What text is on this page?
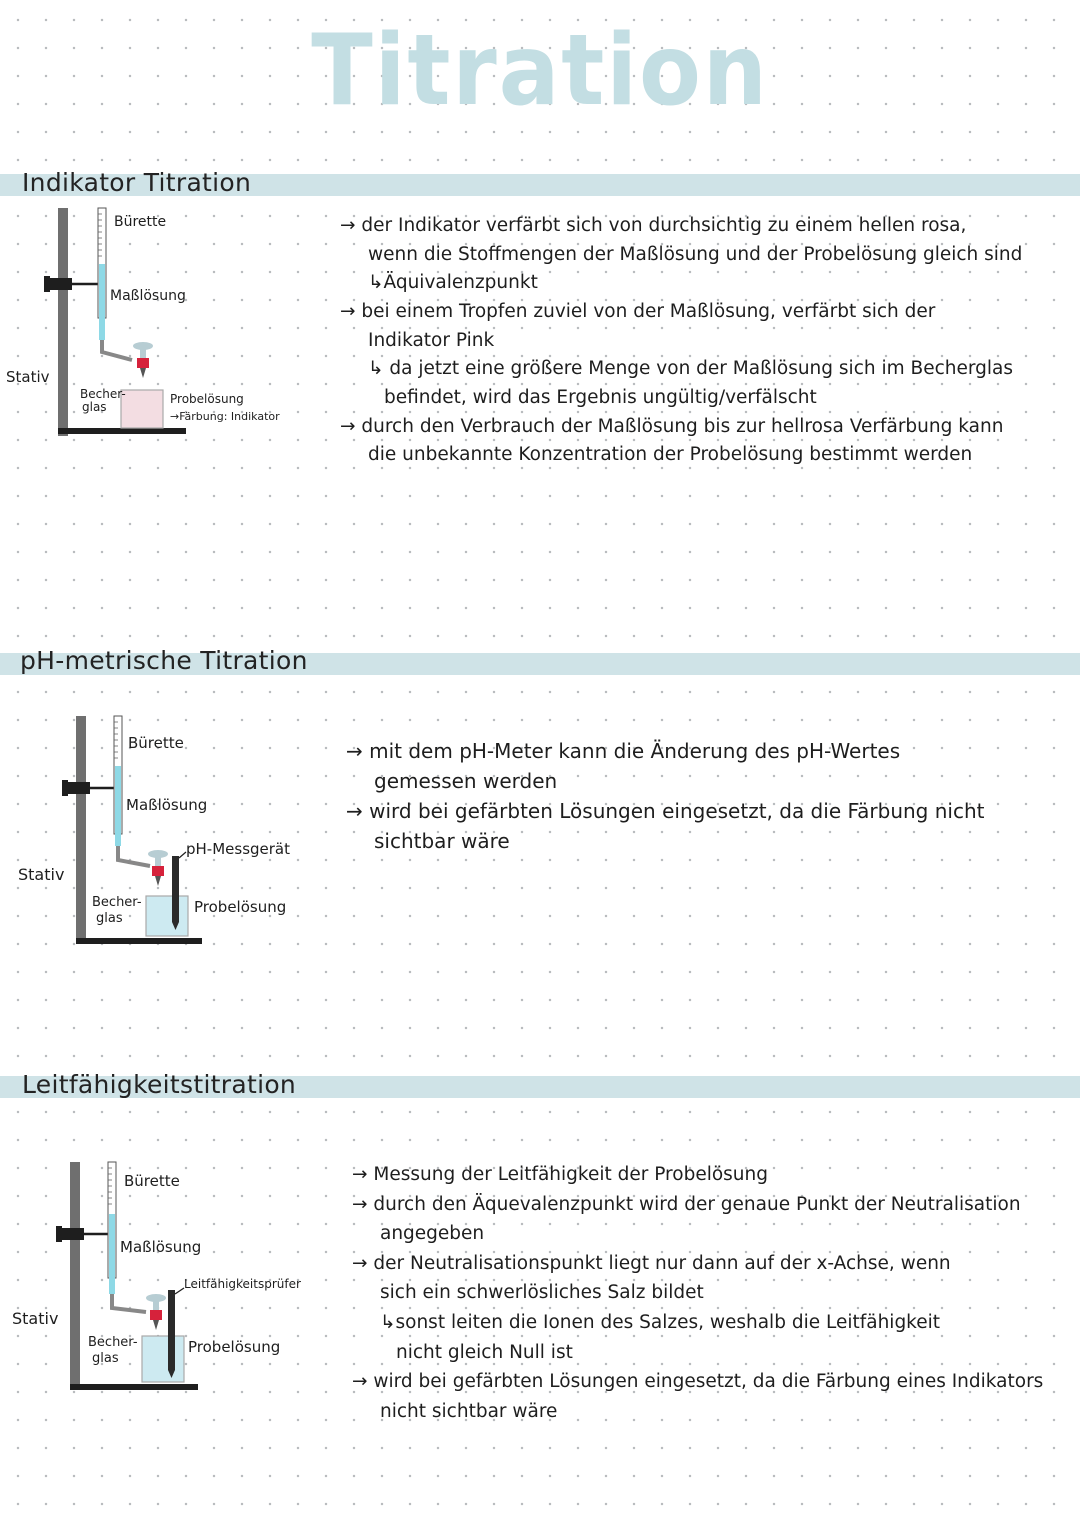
Titration
Indikator Titration
Bürette
Maßlösung
Stativ
Becher-
glas
Probelösung
→Färbung: Indikator
→ der Indikator verfärbt sich von durchsichtig zu einem hellen rosa,
wenn die Stoffmengen der Maßlösung und der Probelösung gleich sind
↳Äquivalenzpunkt
→ bei einem Tropfen zuviel von der Maßlösung, verfärbt sich der
Indikator Pink
↳ da jetzt eine größere Menge von der Maßlösung sich im Becherglas
befindet, wird das Ergebnis ungültig/verfälscht
→ durch den Verbrauch der Maßlösung bis zur hellrosa Verfärbung kann
die unbekannte Konzentration der Probelösung bestimmt werden
pH-metrische Titration
Bürette
Maßlösung
pH-Messgerät
Stativ
Becher-
glas
Probelösung
→ mit dem pH-Meter kann die Änderung des pH-Wertes
gemessen werden
→ wird bei gefärbten Lösungen eingesetzt, da die Färbung nicht
sichtbar wäre
Leitfähigkeitstitration
Bürette
Maßlösung
Leitfähigkeitsprüfer
Stativ
Becher-
glas
Probelösung
→ Messung der Leitfähigkeit der Probelösung
→ durch den Äquevalenzpunkt wird der genaue Punkt der Neutralisation
angegeben
→ der Neutralisationspunkt liegt nur dann auf der x-Achse, wenn
sich ein schwerlösliches Salz bildet
↳sonst leiten die Ionen des Salzes, weshalb die Leitfähigkeit
nicht gleich Null ist
→ wird bei gefärbten Lösungen eingesetzt, da die Färbung eines Indikators
nicht sichtbar wäre
